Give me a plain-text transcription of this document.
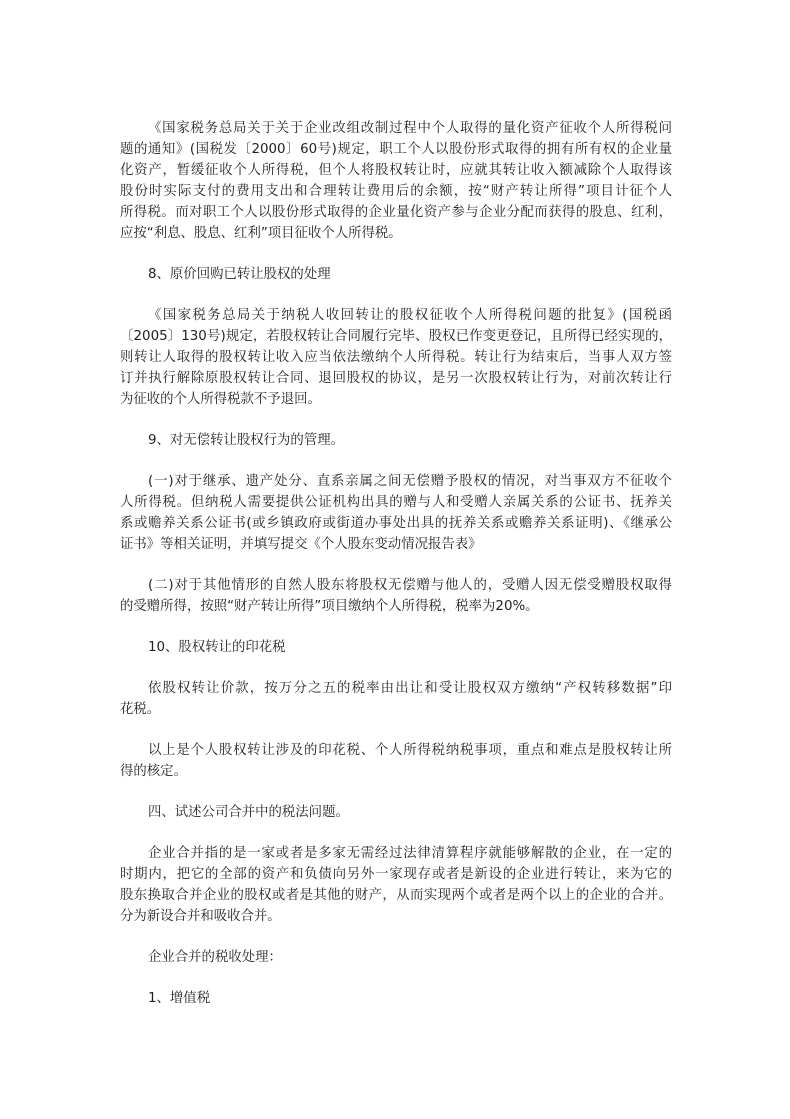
《国家税务总局关于关于企业改组改制过程中个人取得的量化资产征收个人所得税问
题的通知》(国税发〔2000〕60号)规定，职工个人以股份形式取得的拥有所有权的企业量
化资产，暂缓征收个人所得税，但个人将股权转让时，应就其转让收入额减除个人取得该
股份时实际支付的费用支出和合理转让费用后的余额，按“财产转让所得”项目计征个人
所得税。而对职工个人以股份形式取得的企业量化资产参与企业分配而获得的股息、红利，
应按“利息、股息、红利”项目征收个人所得税。
8、原价回购已转让股权的处理
《国家税务总局关于纳税人收回转让的股权征收个人所得税问题的批复》(国税函
〔2005〕130号)规定，若股权转让合同履行完毕、股权已作变更登记，且所得已经实现的，
则转让人取得的股权转让收入应当依法缴纳个人所得税。转让行为结束后，当事人双方签
订并执行解除原股权转让合同、退回股权的协议，是另一次股权转让行为，对前次转让行
为征收的个人所得税款不予退回。
9、对无偿转让股权行为的管理。
(一)对于继承、遗产处分、直系亲属之间无偿赠予股权的情况，对当事双方不征收个
人所得税。但纳税人需要提供公证机构出具的赠与人和受赠人亲属关系的公证书、抚养关
系或赡养关系公证书(或乡镇政府或街道办事处出具的抚养关系或赡养关系证明)、《继承公
证书》等相关证明，并填写提交《个人股东变动情况报告表》
(二)对于其他情形的自然人股东将股权无偿赠与他人的，受赠人因无偿受赠股权取得
的受赠所得，按照“财产转让所得”项目缴纳个人所得税，税率为20%。
10、股权转让的印花税
依股权转让价款，按万分之五的税率由出让和受让股权双方缴纳“产权转移数据”印
花税。
以上是个人股权转让涉及的印花税、个人所得税纳税事项，重点和难点是股权转让所
得的核定。
四、试述公司合并中的税法问题。
企业合并指的是一家或者是多家无需经过法律清算程序就能够解散的企业，在一定的
时期内，把它的全部的资产和负债向另外一家现存或者是新设的企业进行转让，来为它的
股东换取合并企业的股权或者是其他的财产，从而实现两个或者是两个以上的企业的合并。
分为新设合并和吸收合并。
企业合并的税收处理：
1、增值税
